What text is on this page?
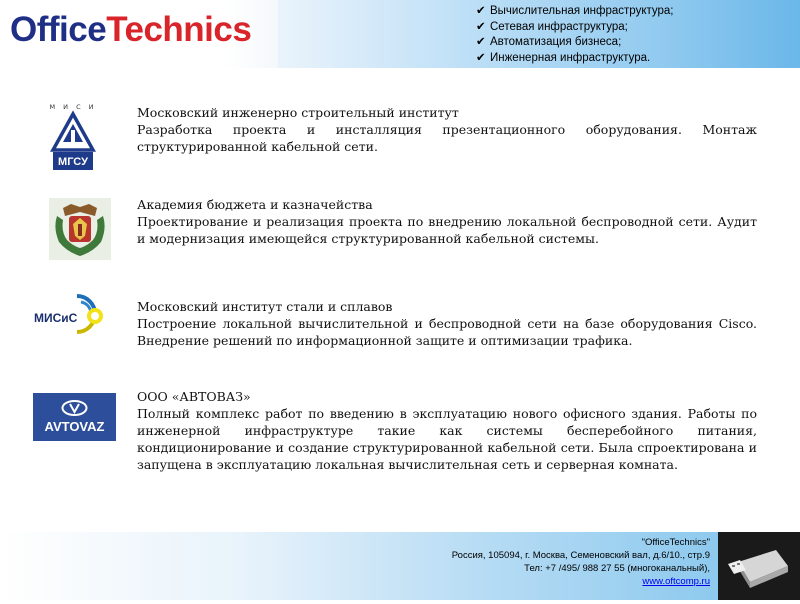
OfficeTechnics	✔ Вычислительная инфраструктура;
✔ Сетевая инфраструктура;
✔ Автоматизация бизнеса;
✔ Инженерная инфраструктура.
М И С И
МГСУ
Московский инженерно строительный институт
Разработка проекта и инсталляция презентационного оборудования. Монтаж структурированной кабельной сети.
Академия бюджета и казначейства
Проектирование и реализация проекта по внедрению локальной беспроводной сети. Аудит и модернизация имеющейся структурированной кабельной системы.
МИСиС
Московский институт стали и сплавов
Построение локальной вычислительной и беспроводной сети на базе оборудования Cisco. Внедрение решений по информационной защите и оптимизации трафика.
AVTOVAZ
ООО «АВТОВАЗ»
Полный комплекс работ по введению в эксплуатацию нового офисного здания. Работы по инженерной инфраструктуре такие как системы бесперебойного питания, кондиционирование и создание структурированной кабельной сети. Была спроектирована и запущена в эксплуатацию локальная вычислительная сеть и серверная комната.
"OfficeTechnics"
Россия, 105094, г. Москва, Семеновский вал, д.6/10., стр.9
Тел: +7 /495/ 988 27 55 (многоканальный),
www.oftcomp.ru
